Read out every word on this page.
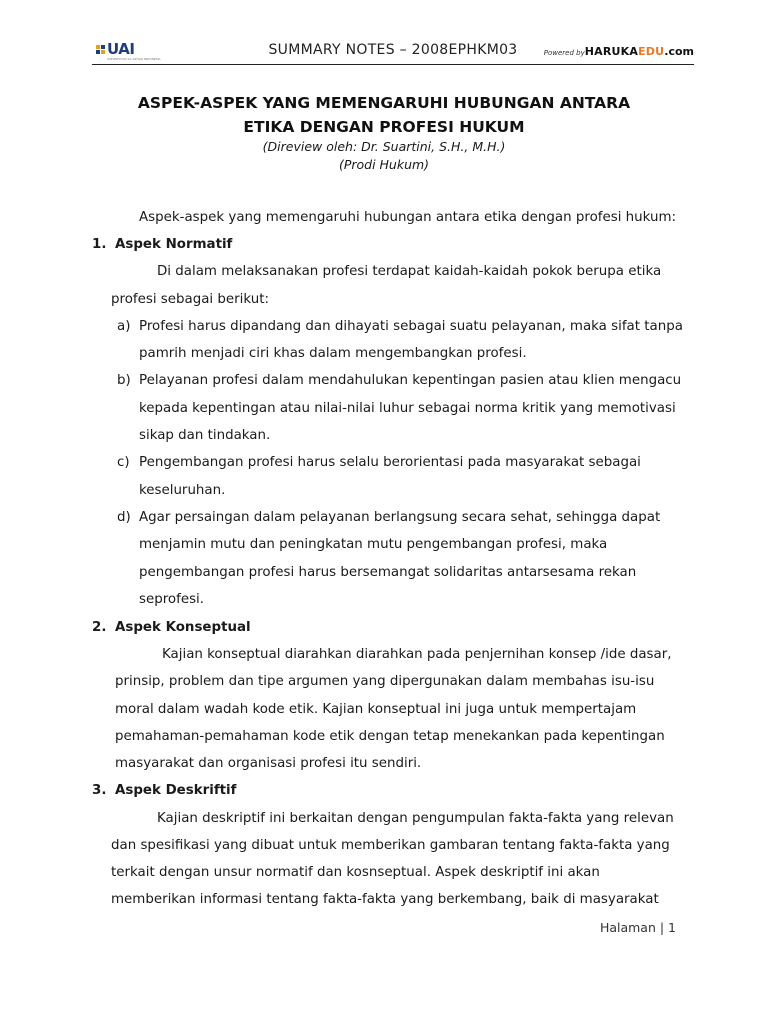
UAI
UNIVERSITAS AL AZHAR INDONESIA
SUMMARY NOTES – 2008EPHKM03	Powered byHARUKAEDU.com
ASPEK-ASPEK YANG MEMENGARUHI HUBUNGAN ANTARA
ETIKA DENGAN PROFESI HUKUM
(Direview oleh: Dr. Suartini, S.H., M.H.)
(Prodi Hukum)
Aspek-aspek yang memengaruhi hubungan antara etika dengan profesi hukum:
1. Aspek Normatif
Di dalam melaksanakan profesi terdapat kaidah-kaidah pokok berupa etika
profesi sebagai berikut:
a) Profesi harus dipandang dan dihayati sebagai suatu pelayanan, maka sifat tanpa
pamrih menjadi ciri khas dalam mengembangkan profesi.
b) Pelayanan profesi dalam mendahulukan kepentingan pasien atau klien mengacu
kepada kepentingan atau nilai-nilai luhur sebagai norma kritik yang memotivasi
sikap dan tindakan.
c) Pengembangan profesi harus selalu berorientasi pada masyarakat sebagai
keseluruhan.
d) Agar persaingan dalam pelayanan berlangsung secara sehat, sehingga dapat
menjamin mutu dan peningkatan mutu pengembangan profesi, maka
pengembangan profesi harus bersemangat solidaritas antarsesama rekan
seprofesi.
2. Aspek Konseptual
Kajian konseptual diarahkan diarahkan pada penjernihan konsep /ide dasar,
prinsip, problem dan tipe argumen yang dipergunakan dalam membahas isu-isu
moral dalam wadah kode etik. Kajian konseptual ini juga untuk mempertajam
pemahaman-pemahaman kode etik dengan tetap menekankan pada kepentingan
masyarakat dan organisasi profesi itu sendiri.
3. Aspek Deskriftif
Kajian deskriptif ini berkaitan dengan pengumpulan fakta-fakta yang relevan
dan spesifikasi yang dibuat untuk memberikan gambaran tentang fakta-fakta yang
terkait dengan unsur normatif dan kosnseptual. Aspek deskriptif ini akan
memberikan informasi tentang fakta-fakta yang berkembang, baik di masyarakat
Halaman | 1
